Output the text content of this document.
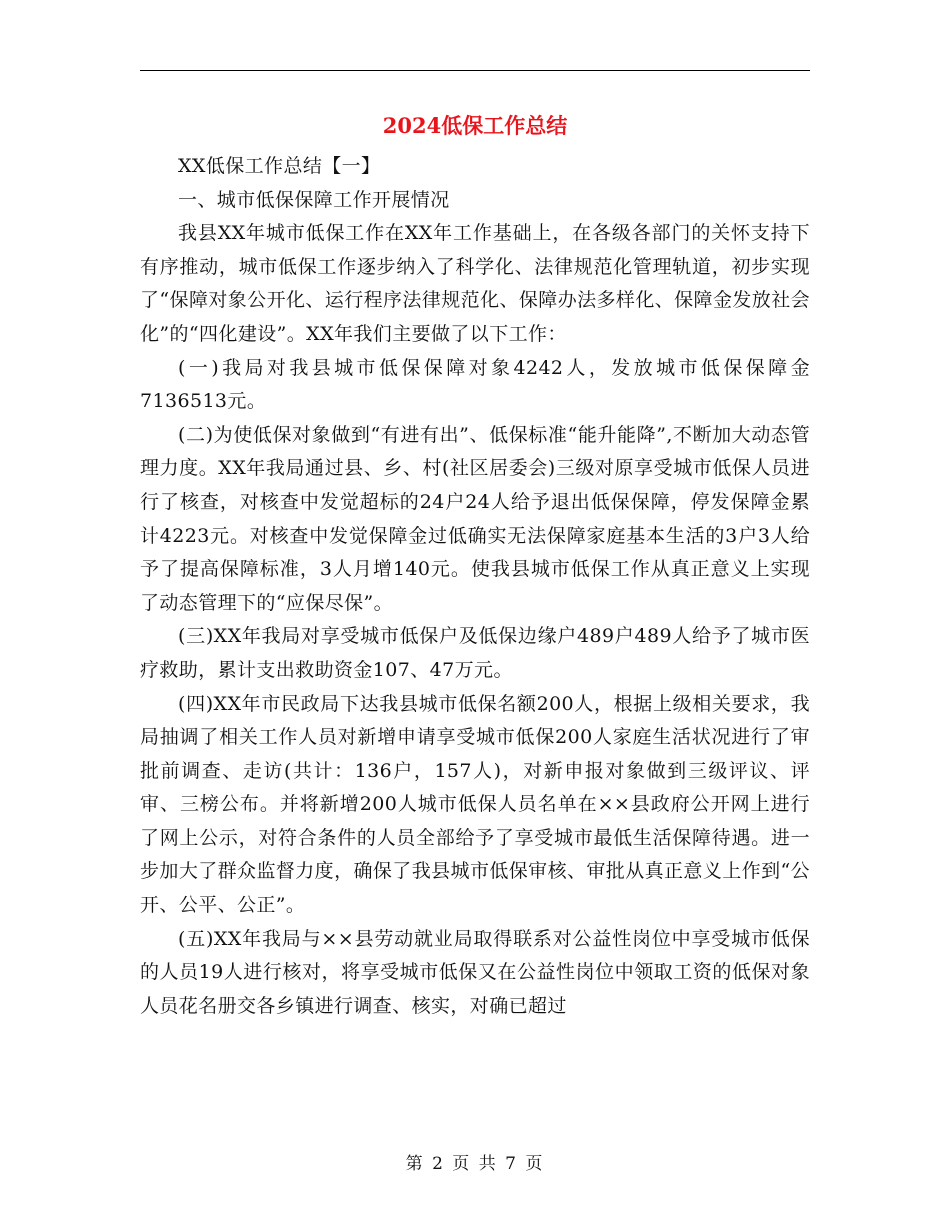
2024低保工作总结

XX低保工作总结【一】

一、城市低保保障工作开展情况

我县XX年城市低保工作在XX年工作基础上，在各级各部门的关怀支持下有序推动，城市低保工作逐步纳入了科学化、法律规范化管理轨道，初步实现了“保障对象公开化、运行程序法律规范化、保障办法多样化、保障金发放社会化”的“四化建设”。XX年我们主要做了以下工作：

(一)我局对我县城市低保保障对象4242人，发放城市低保保障金7136513元。

(二)为使低保对象做到“有进有出”、低保标准“能升能降”,不断加大动态管理力度。XX年我局通过县、乡、村(社区居委会)三级对原享受城市低保人员进行了核查，对核查中发觉超标的24户24人给予退出低保保障，停发保障金累计4223元。对核查中发觉保障金过低确实无法保障家庭基本生活的3户3人给予了提高保障标准，3人月增140元。使我县城市低保工作从真正意义上实现了动态管理下的“应保尽保”。

(三)XX年我局对享受城市低保户及低保边缘户489户489人给予了城市医疗救助，累计支出救助资金107、47万元。

(四)XX年市民政局下达我县城市低保名额200人，根据上级相关要求，我局抽调了相关工作人员对新增申请享受城市低保200人家庭生活状况进行了审批前调查、走访(共计：136户，157人)，对新申报对象做到三级评议、评审、三榜公布。并将新增200人城市低保人员名单在××县政府公开网上进行了网上公示，对符合条件的人员全部给予了享受城市最低生活保障待遇。进一步加大了群众监督力度，确保了我县城市低保审核、审批从真正意义上作到“公开、公平、公正”。

(五)XX年我局与××县劳动就业局取得联系对公益性岗位中享受城市低保的人员19人进行核对，将享受城市低保又在公益性岗位中领取工资的低保对象人员花名册交各乡镇进行调查、核实，对确已超过

第 2 页 共 7 页
